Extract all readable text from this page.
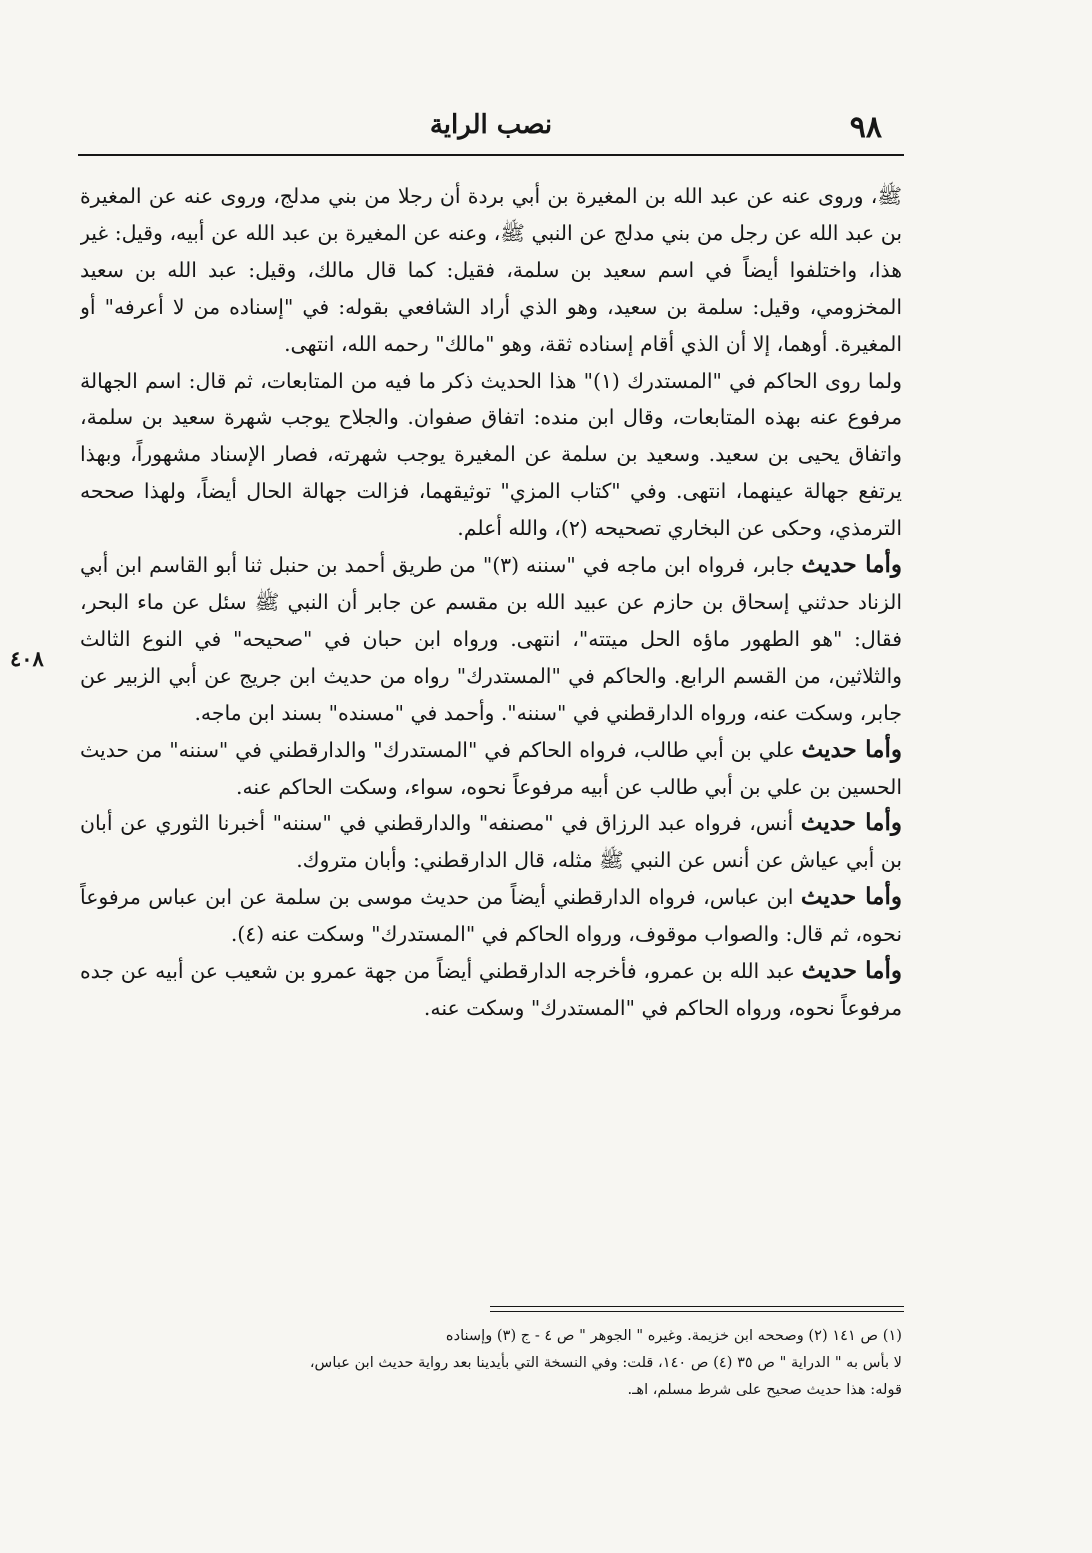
٩٨
نصب الراية
٤٠٨

ﷺ، وروى عنه عن عبد الله بن المغيرة بن أبي بردة أن رجلا من بني مدلج، وروى عنه عن المغيرة بن عبد الله عن رجل من بني مدلج عن النبي ﷺ، وعنه عن المغيرة بن عبد الله عن أبيه، وقيل: غير هذا، واختلفوا أيضاً في اسم سعيد بن سلمة، فقيل: كما قال مالك، وقيل: عبد الله بن سعيد المخزومي، وقيل: سلمة بن سعيد، وهو الذي أراد الشافعي بقوله: في "إسناده من لا أعرفه" أو المغيرة. أوهما، إلا أن الذي أقام إسناده ثقة، وهو "مالك" رحمه الله، انتهى.

ولما روى الحاكم في "المستدرك (١)" هذا الحديث ذكر ما فيه من المتابعات، ثم قال: اسم الجهالة مرفوع عنه بهذه المتابعات، وقال ابن منده: اتفاق صفوان. والجلاح يوجب شهرة سعيد بن سلمة، واتفاق يحيى بن سعيد. وسعيد بن سلمة عن المغيرة يوجب شهرته، فصار الإسناد مشهوراً، وبهذا يرتفع جهالة عينهما، انتهى. وفي "كتاب المزي" توثيقهما، فزالت جهالة الحال أيضاً، ولهذا صححه الترمذي، وحكى عن البخاري تصحيحه (٢)، والله أعلم.

وأما حديث جابر، فرواه ابن ماجه في "سننه (٣)" من طريق أحمد بن حنبل ثنا أبو القاسم ابن أبي الزناد حدثني إسحاق بن حازم عن عبيد الله بن مقسم عن جابر أن النبي ﷺ سئل عن ماء البحر، فقال: "هو الطهور ماؤه الحل ميتته"، انتهى. ورواه ابن حبان في "صحيحه" في النوع الثالث والثلاثين، من القسم الرابع. والحاكم في "المستدرك" رواه من حديث ابن جريج عن أبي الزبير عن جابر، وسكت عنه، ورواه الدارقطني في "سننه". وأحمد في "مسنده" بسند ابن ماجه.

وأما حديث علي بن أبي طالب، فرواه الحاكم في "المستدرك" والدارقطني في "سننه" من حديث الحسين بن علي بن أبي طالب عن أبيه مرفوعاً نحوه، سواء، وسكت الحاكم عنه.

وأما حديث أنس، فرواه عبد الرزاق في "مصنفه" والدارقطني في "سننه" أخبرنا الثوري عن أبان بن أبي عياش عن أنس عن النبي ﷺ مثله، قال الدارقطني: وأبان متروك.

وأما حديث ابن عباس، فرواه الدارقطني أيضاً من حديث موسى بن سلمة عن ابن عباس مرفوعاً نحوه، ثم قال: والصواب موقوف، ورواه الحاكم في "المستدرك" وسكت عنه (٤).

وأما حديث عبد الله بن عمرو، فأخرجه الدارقطني أيضاً من جهة عمرو بن شعيب عن أبيه عن جده مرفوعاً نحوه، ورواه الحاكم في "المستدرك" وسكت عنه.

(١) ص ١٤١ (٢) وصححه ابن خزيمة. وغيره " الجوهر " ص ٤ - ج (٣) وإسناده

لا بأس به " الدراية " ص ٣٥ (٤) ص ١٤٠، قلت: وفي النسخة التي بأيدينا بعد رواية حديث ابن عباس،

قوله: هذا حديث صحيح على شرط مسلم، اهـ.
